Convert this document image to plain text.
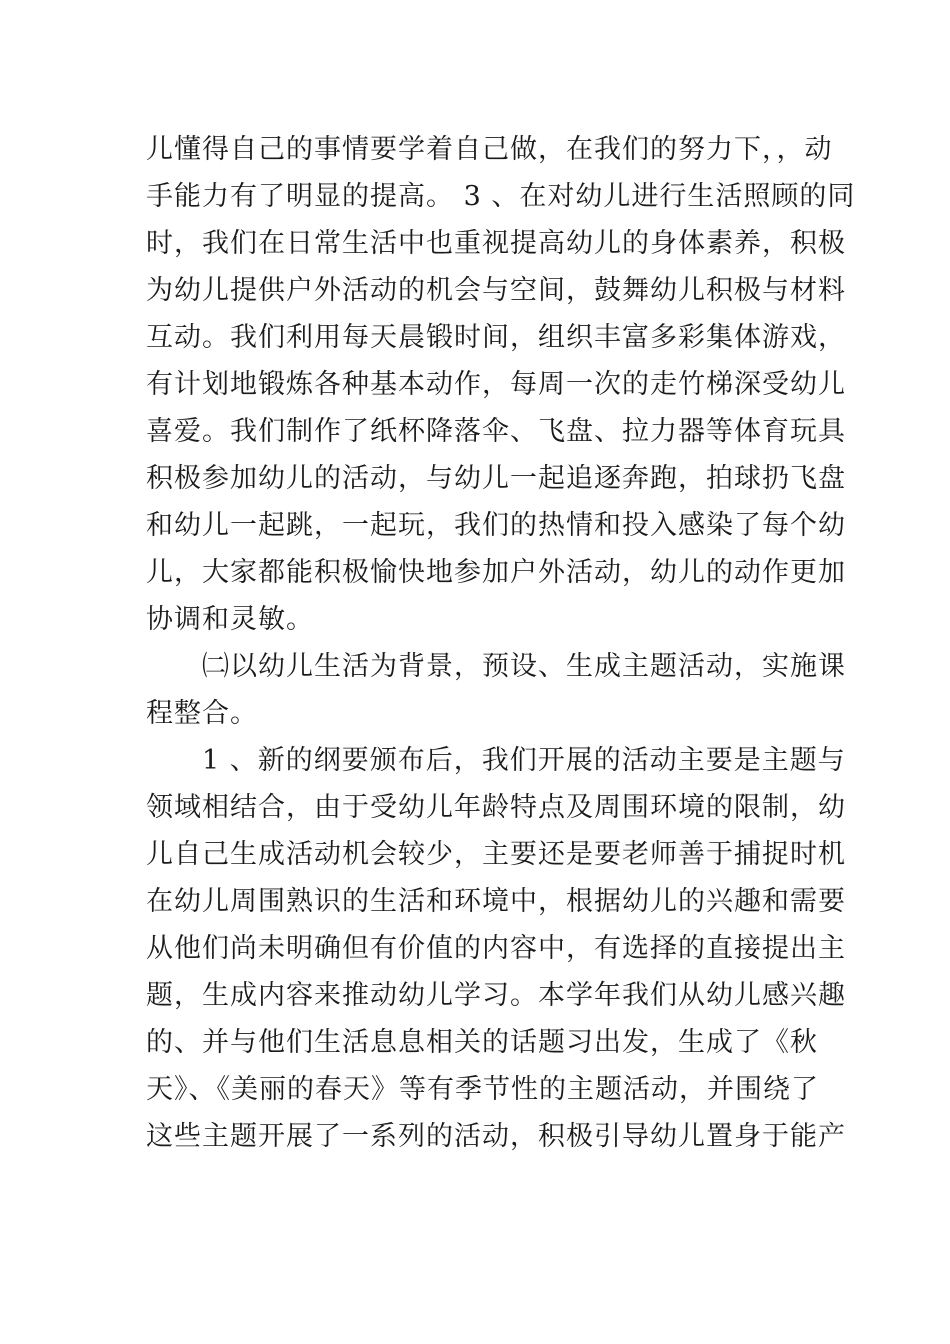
儿懂得自己的事情要学着自己做，在我们的努力下，，动
手能力有了明显的提高。 3 、在对幼儿进行生活照顾的同
时，我们在日常生活中也重视提高幼儿的身体素养，积极
为幼儿提供户外活动的机会与空间，鼓舞幼儿积极与材料
互动。我们利用每天晨锻时间，组织丰富多彩集体游戏，
有计划地锻炼各种基本动作，每周一次的走竹梯深受幼儿
喜爱。我们制作了纸杯降落伞、飞盘、拉力器等体育玩具
积极参加幼儿的活动，与幼儿一起追逐奔跑，拍球扔飞盘
和幼儿一起跳，一起玩，我们的热情和投入感染了每个幼
儿，大家都能积极愉快地参加户外活动，幼儿的动作更加
协调和灵敏。
㈡以幼儿生活为背景，预设、生成主题活动，实施课
程整合。
1 、新的纲要颁布后，我们开展的活动主要是主题与
领域相结合，由于受幼儿年龄特点及周围环境的限制，幼
儿自己生成活动机会较少，主要还是要老师善于捕捉时机
在幼儿周围熟识的生活和环境中，根据幼儿的兴趣和需要
从他们尚未明确但有价值的内容中，有选择的直接提出主
题，生成内容来推动幼儿学习。本学年我们从幼儿感兴趣
的、并与他们生活息息相关的话题习出发，生成了《秋
天》、《美丽的春天》等有季节性的主题活动，并围绕了
这些主题开展了一系列的活动，积极引导幼儿置身于能产
